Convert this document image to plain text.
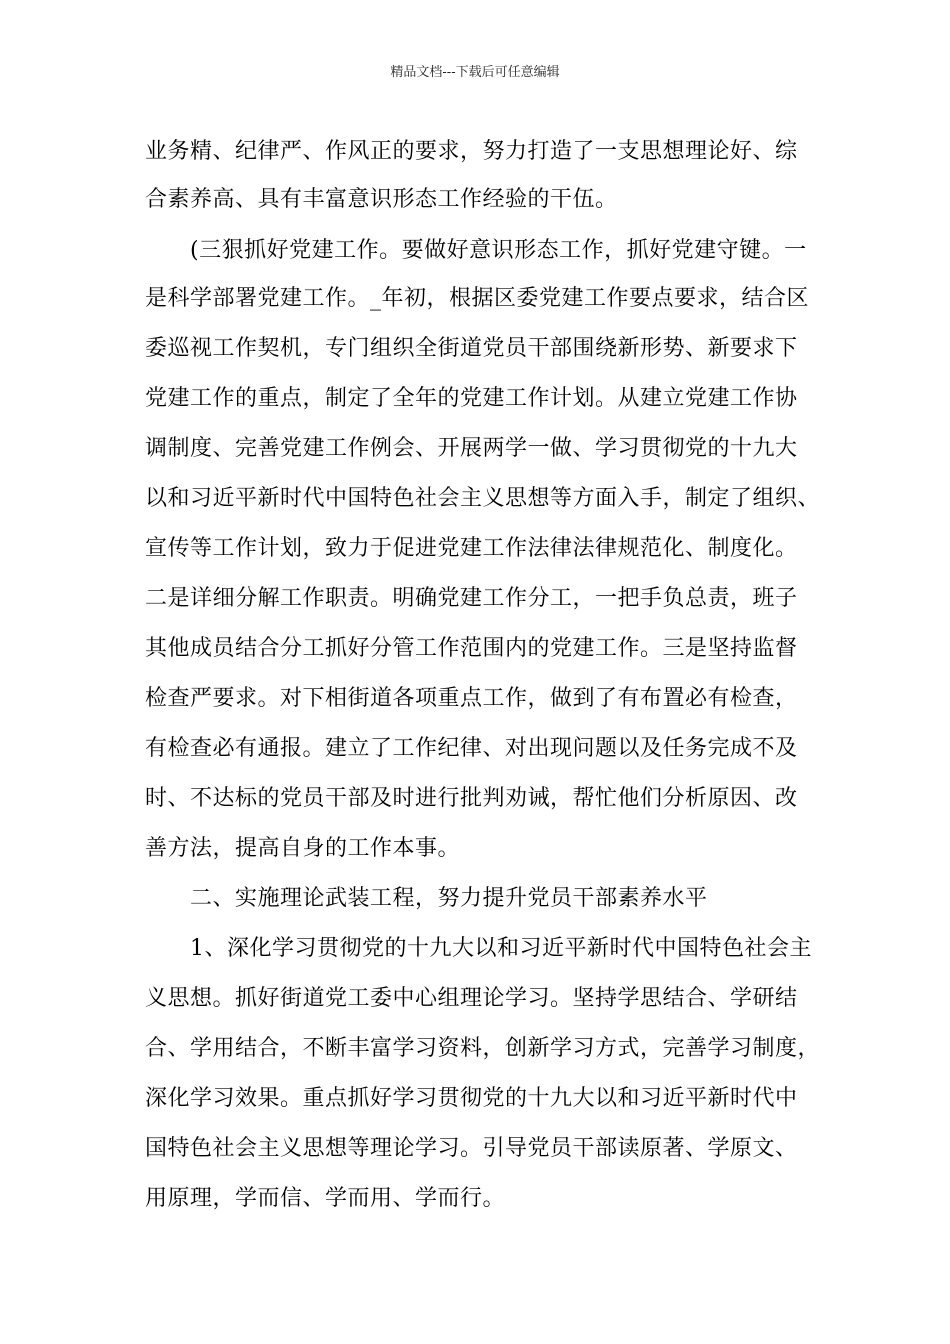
精品文档---下载后可任意编辑
业务精、纪律严、作风正的要求，努力打造了一支思想理论好、综
合素养高、具有丰富意识形态工作经验的干伍。
(三狠抓好党建工作。要做好意识形态工作，抓好党建守键。一
是科学部署党建工作。_年初，根据区委党建工作要点要求，结合区
委巡视工作契机，专门组织全街道党员干部围绕新形势、新要求下
党建工作的重点，制定了全年的党建工作计划。从建立党建工作协
调制度、完善党建工作例会、开展两学一做、学习贯彻党的十九大
以和习近平新时代中国特色社会主义思想等方面入手，制定了组织、
宣传等工作计划，致力于促进党建工作法律法律规范化、制度化。
二是详细分解工作职责。明确党建工作分工，一把手负总责，班子
其他成员结合分工抓好分管工作范围内的党建工作。三是坚持监督
检查严要求。对下相街道各项重点工作，做到了有布置必有检查，
有检查必有通报。建立了工作纪律、对出现问题以及任务完成不及
时、不达标的党员干部及时进行批判劝诫，帮忙他们分析原因、改
善方法，提高自身的工作本事。
二、实施理论武装工程，努力提升党员干部素养水平
1、深化学习贯彻党的十九大以和习近平新时代中国特色社会主
义思想。抓好街道党工委中心组理论学习。坚持学思结合、学研结
合、学用结合，不断丰富学习资料，创新学习方式，完善学习制度，
深化学习效果。重点抓好学习贯彻党的十九大以和习近平新时代中
国特色社会主义思想等理论学习。引导党员干部读原著、学原文、
用原理，学而信、学而用、学而行。
